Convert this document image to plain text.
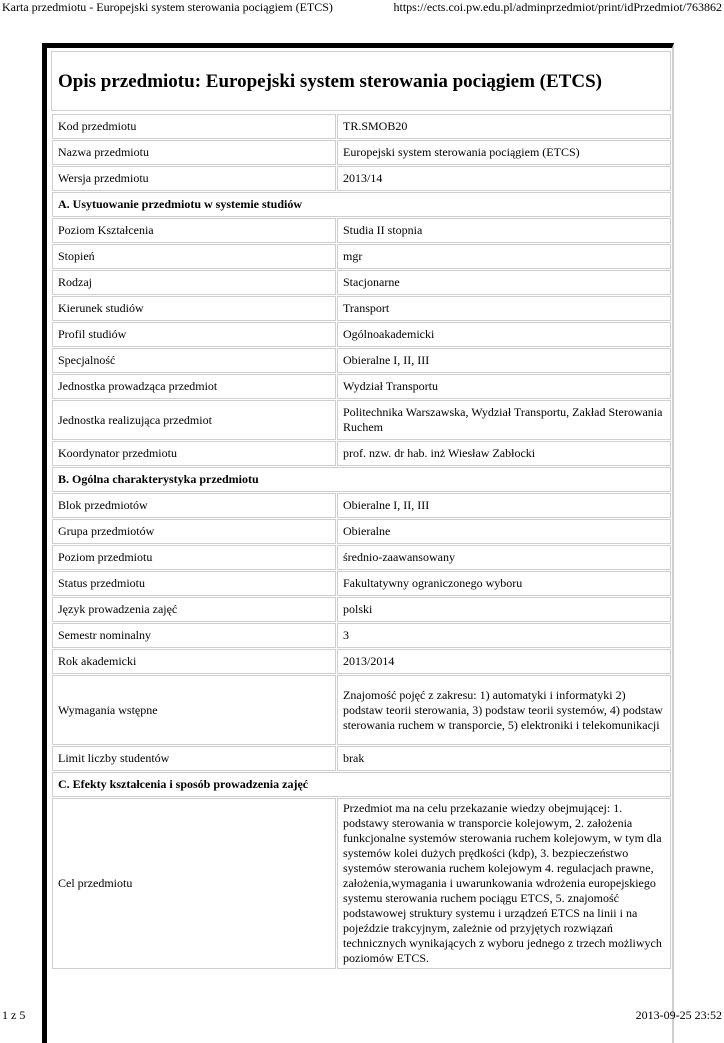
Karta przedmiotu - Europejski system sterowania pociągiem (ETCS)	https://ects.coi.pw.edu.pl/adminprzedmiot/print/idPrzedmiot/763862
Opis przedmiotu: Europejski system sterowania pociągiem (ETCS)
Kod przedmiotu	TR.SMOB20
Nazwa przedmiotu	Europejski system sterowania pociągiem (ETCS)
Wersja przedmiotu	2013/14
A. Usytuowanie przedmiotu w systemie studiów	
Poziom Kształcenia	Studia II stopnia
Stopień	mgr
Rodzaj	Stacjonarne
Kierunek studiów	Transport
Profil studiów	Ogólnoakademicki
Specjalność	Obieralne I, II, III
Jednostka prowadząca przedmiot	Wydział Transportu
Jednostka realizująca przedmiot	Politechnika Warszawska, Wydział Transportu, Zakład Sterowania Ruchem
Koordynator przedmiotu	prof. nzw. dr hab. inż Wiesław Zabłocki
B. Ogólna charakterystyka przedmiotu	
Blok przedmiotów	Obieralne I, II, III
Grupa przedmiotów	Obieralne
Poziom przedmiotu	średnio-zaawansowany
Status przedmiotu	Fakultatywny ograniczonego wyboru
Język prowadzenia zajęć	polski
Semestr nominalny	3
Rok akademicki	2013/2014
Wymagania wstępne	Znajomość pojęć z zakresu: 1) automatyki i informatyki 2) podstaw teorii sterowania, 3) podstaw teorii systemów, 4) podstaw sterowania ruchem w transporcie, 5) elektroniki i telekomunikacji
Limit liczby studentów	brak
C. Efekty kształcenia i sposób prowadzenia zajęć	
Cel przedmiotu	Przedmiot ma na celu przekazanie wiedzy obejmującej: 1. podstawy sterowania w transporcie kolejowym, 2. założenia funkcjonalne systemów sterowania ruchem kolejowym, w tym dla systemów kolei dużych prędkości (kdp), 3. bezpieczeństwo systemów sterowania ruchem kolejowym 4. regulacjach prawne, założenia,wymagania i uwarunkowania wdrożenia europejskiego systemu sterowania ruchem pociągu ETCS, 5. znajomość podstawowej struktury systemu i urządzeń ETCS na linii i na pojeździe trakcyjnym, zależnie od przyjętych rozwiązań technicznych wynikających z wyboru jednego z trzech możliwych poziomów ETCS.
1 z 5	2013-09-25 23:52
